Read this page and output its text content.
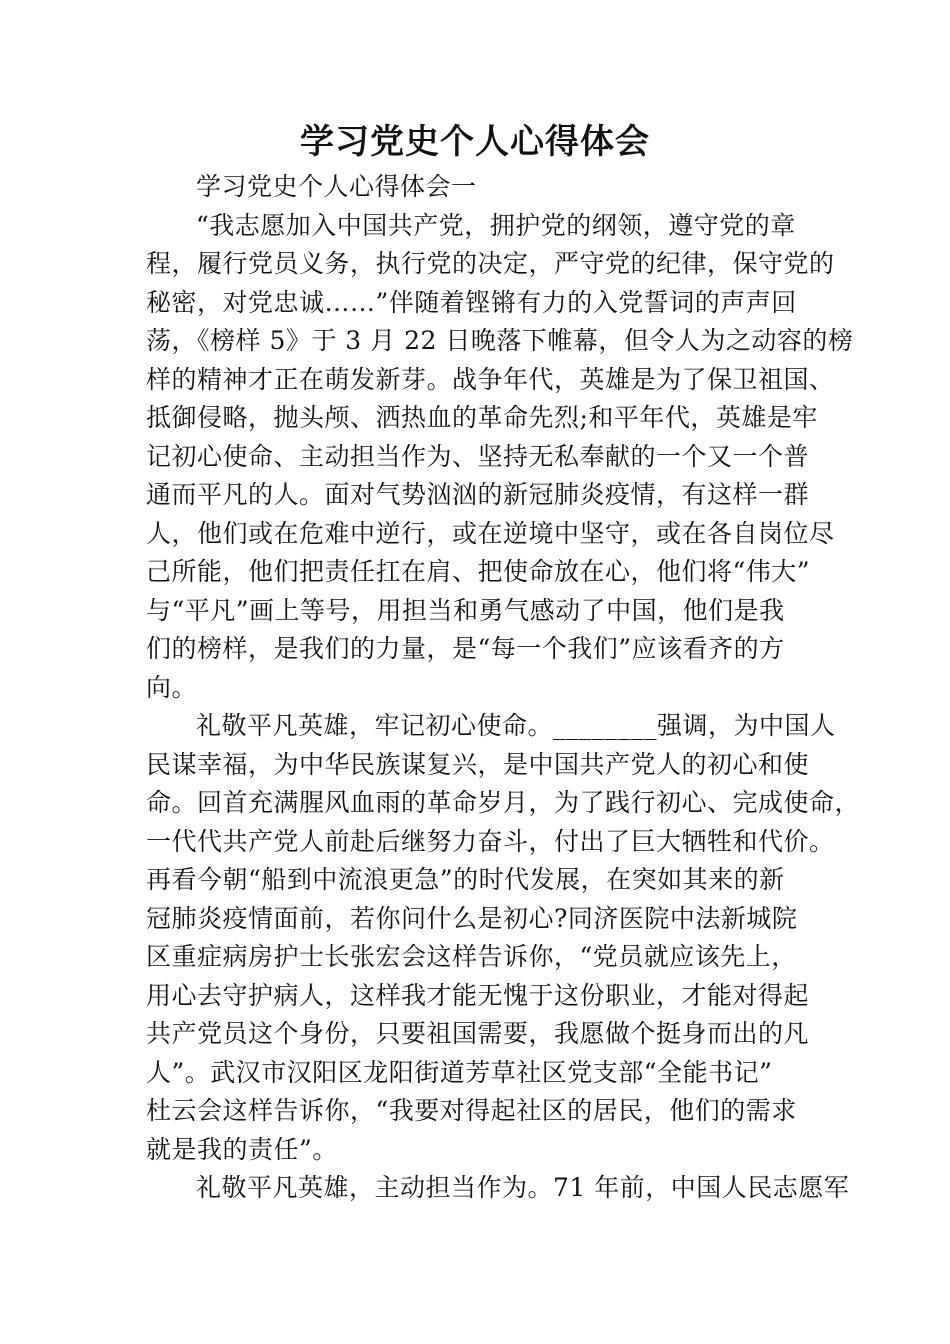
学习党史个人心得体会
学习党史个人心得体会一
“我志愿加入中国共产党，拥护党的纲领，遵守党的章
程，履行党员义务，执行党的决定，严守党的纪律，保守党的
秘密，对党忠诚……”伴随着铿锵有力的入党誓词的声声回
荡，《榜样 5》于 3 月 22 日晚落下帷幕，但令人为之动容的榜
样的精神才正在萌发新芽。战争年代，英雄是为了保卫祖国、
抵御侵略，抛头颅、洒热血的革命先烈;和平年代，英雄是牢
记初心使命、主动担当作为、坚持无私奉献的一个又一个普
通而平凡的人。面对气势汹汹的新冠肺炎疫情，有这样一群
人，他们或在危难中逆行，或在逆境中坚守，或在各自岗位尽
己所能，他们把责任扛在肩、把使命放在心，他们将“伟大”
与“平凡”画上等号，用担当和勇气感动了中国，他们是我
们的榜样，是我们的力量，是“每一个我们”应该看齐的方
向。
礼敬平凡英雄，牢记初心使命。________强调，为中国人
民谋幸福，为中华民族谋复兴，是中国共产党人的初心和使
命。回首充满腥风血雨的革命岁月，为了践行初心、完成使命，
一代代共产党人前赴后继努力奋斗，付出了巨大牺牲和代价。
再看今朝“船到中流浪更急”的时代发展，在突如其来的新
冠肺炎疫情面前，若你问什么是初心?同济医院中法新城院
区重症病房护士长张宏会这样告诉你，“党员就应该先上，
用心去守护病人，这样我才能无愧于这份职业，才能对得起
共产党员这个身份，只要祖国需要，我愿做个挺身而出的凡
人”。武汉市汉阳区龙阳街道芳草社区党支部“全能书记”
杜云会这样告诉你，“我要对得起社区的居民，他们的需求
就是我的责任”。
礼敬平凡英雄，主动担当作为。71 年前，中国人民志愿军
